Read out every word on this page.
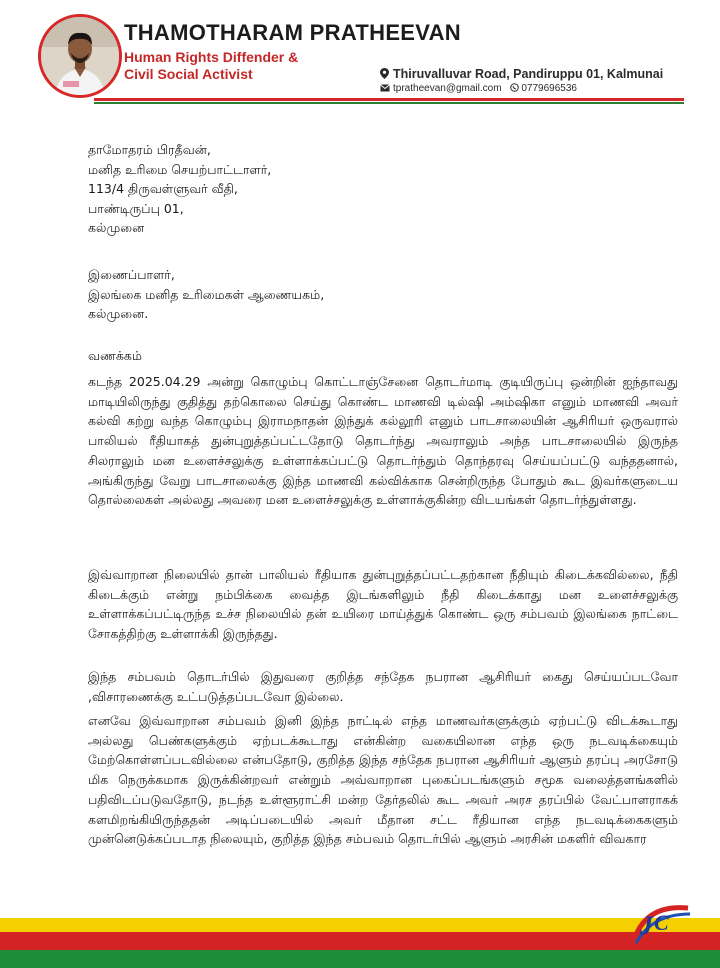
THAMOTHARAM PRATHEEVAN
Human Rights Diffender &
Civil Social Activist	Thiruvalluvar Road, Pandiruppu 01, Kalmunai
tpratheevan@gmail.com 0779696536
தாமோதரம் பிரதீவன்,
மனித உரிமை செயற்பாட்டாளர்,
113/4 திருவள்ளுவர் வீதி,
பாண்டிருப்பு 01,
கல்முனை
இணைப்பாளர்,
இலங்கை மனித உரிமைகள் ஆணையகம்,
கல்முனை.
வணக்கம்
கடந்த 2025.04.29 அன்று கொழும்பு கொட்டாஞ்சேனை தொடர்மாடி குடியிருப்பு ஒன்றின் ஐந்தாவது மாடியிலிருந்து குதித்து தற்கொலை செய்து கொண்ட மாணவி டில்ஷி அம்ஷிகா எனும் மாணவி அவர் கல்வி கற்று வந்த கொழும்பு இராமநாதன் இந்துக் கல்லூரி எனும் பாடசாலையின் ஆசிரியர் ஒருவரால் பாலியல் ரீதியாகத் துன்புறுத்தப்பட்டதோடு தொடர்ந்து அவராலும் அந்த பாடசாலையில் இருந்த சிலராலும் மன உளைச்சலுக்கு உள்ளாக்கப்பட்டு தொடர்ந்தும் தொந்தரவு செய்யப்பட்டு வந்ததனால், அங்கிருந்து வேறு பாடசாலைக்கு இந்த மாணவி கல்விக்காக சென்றிருந்த போதும் கூட இவர்களுடைய தொல்லைகள் அல்லது அவரை மன உளைச்சலுக்கு உள்ளாக்குகின்ற விடயங்கள் தொடர்ந்துள்ளது.
இவ்வாறான நிலையில் தான் பாலியல் ரீதியாக துன்புறுத்தப்பட்டதற்கான நீதியும் கிடைக்கவில்லை, நீதி கிடைக்கும் என்று நம்பிக்கை வைத்த இடங்களிலும் நீதி கிடைக்காது மன உளைச்சலுக்கு உள்ளாக்கப்பட்டிருந்த உச்ச நிலையில் தன் உயிரை மாய்த்துக் கொண்ட ஒரு சம்பவம் இலங்கை நாட்டை சோகத்திற்கு உள்ளாக்கி இருந்தது.
இந்த சம்பவம் தொடர்பில் இதுவரை குறித்த சந்தேக நபரான ஆசிரியர் கைது செய்யப்படவோ ,விசாரணைக்கு உட்படுத்தப்படவோ இல்லை.
எனவே இவ்வாறான சம்பவம் இனி இந்த நாட்டில் எந்த மாணவர்களுக்கும் ஏற்பட்டு விடக்கூடாது அல்லது பெண்களுக்கும் ஏற்படக்கூடாது என்கின்ற வகையிலான எந்த ஒரு நடவடிக்கையும் மேற்கொள்ளப்படவில்லை என்பதோடு, குறித்த இந்த சந்தேக நபரான ஆசிரியர் ஆளும் தரப்பு அரசோடு மிக நெருக்கமாக இருக்கின்றவர் என்றும் அவ்வாறான புகைப்படங்களும் சமூக வலைத்தளங்களில் பதிவிடப்படுவதோடு, நடந்த உள்ளூராட்சி மன்ற தேர்தலில் கூட அவர் அரச தரப்பில் வேட்பாளராகக் களமிறங்கியிருந்ததன் அடிப்படையில் அவர் மீதான சட்ட ரீதியான எந்த நடவடிக்கைகளும் முன்னெடுக்கப்படாத நிலையும், குறித்த இந்த சம்பவம் தொடர்பில் ஆளும் அரசின் மகளிர் விவகார
J C
